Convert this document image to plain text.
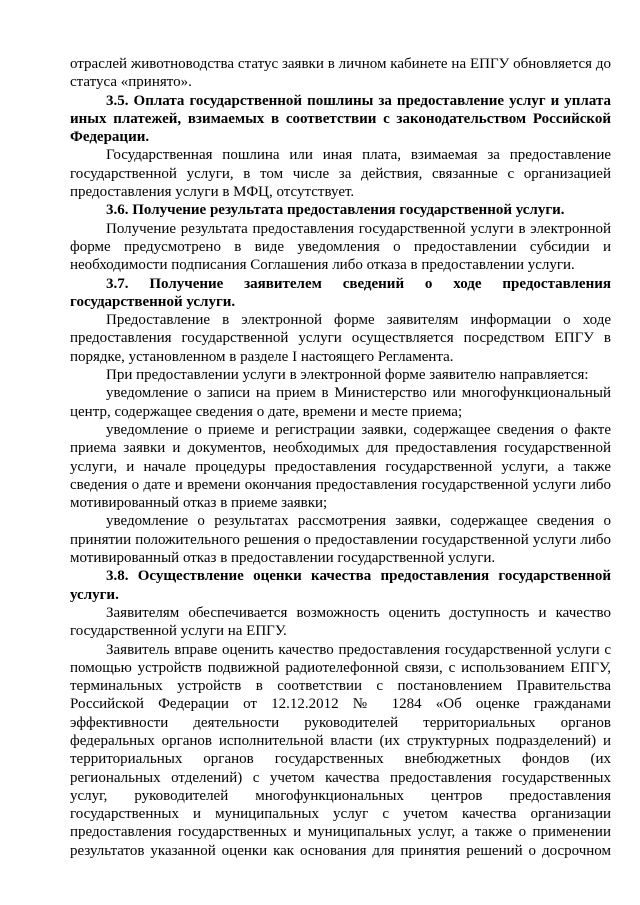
отраслей животноводства статус заявки в личном кабинете на ЕПГУ обновляется до статуса «принято».

3.5. Оплата государственной пошлины за предоставление услуг и уплата иных платежей, взимаемых в соответствии с законодательством Российской Федерации.

Государственная пошлина или иная плата, взимаемая за предоставление государственной услуги, в том числе за действия, связанные с организацией предоставления услуги в МФЦ, отсутствует.

3.6. Получение результата предоставления государственной услуги.

Получение результата предоставления государственной услуги в электронной форме предусмотрено в виде уведомления о предоставлении субсидии и необходимости подписания Соглашения либо отказа в предоставлении услуги.

3.7. Получение заявителем сведений о ходе предоставления государственной услуги.

Предоставление в электронной форме заявителям информации о ходе предоставления государственной услуги осуществляется посредством ЕПГУ в порядке, установленном в разделе I настоящего Регламента.

При предоставлении услуги в электронной форме заявителю направляется:

уведомление о записи на прием в Министерство или многофункциональный центр, содержащее сведения о дате, времени и месте приема;

уведомление о приеме и регистрации заявки, содержащее сведения о факте приема заявки и документов, необходимых для предоставления государственной услуги, и начале процедуры предоставления государственной услуги, а также сведения о дате и времени окончания предоставления государственной услуги либо мотивированный отказ в приеме заявки;

уведомление о результатах рассмотрения заявки, содержащее сведения о принятии положительного решения о предоставлении государственной услуги либо мотивированный отказ в предоставлении государственной услуги.

3.8. Осуществление оценки качества предоставления государственной услуги.

Заявителям обеспечивается возможность оценить доступность и качество государственной услуги на ЕПГУ.

Заявитель вправе оценить качество предоставления государственной услуги с помощью устройств подвижной радиотелефонной связи, с использованием ЕПГУ, терминальных устройств в соответствии с постановлением Правительства Российской Федерации от 12.12.2012 № 1284 «Об оценке гражданами эффективности деятельности руководителей территориальных органов федеральных органов исполнительной власти (их структурных подразделений) и территориальных органов государственных внебюджетных фондов (их региональных отделений) с учетом качества предоставления государственных услуг, руководителей многофункциональных центров предоставления государственных и муниципальных услуг с учетом качества организации предоставления государственных и муниципальных услуг, а также о применении результатов указанной оценки как основания для принятия решений о досрочном
